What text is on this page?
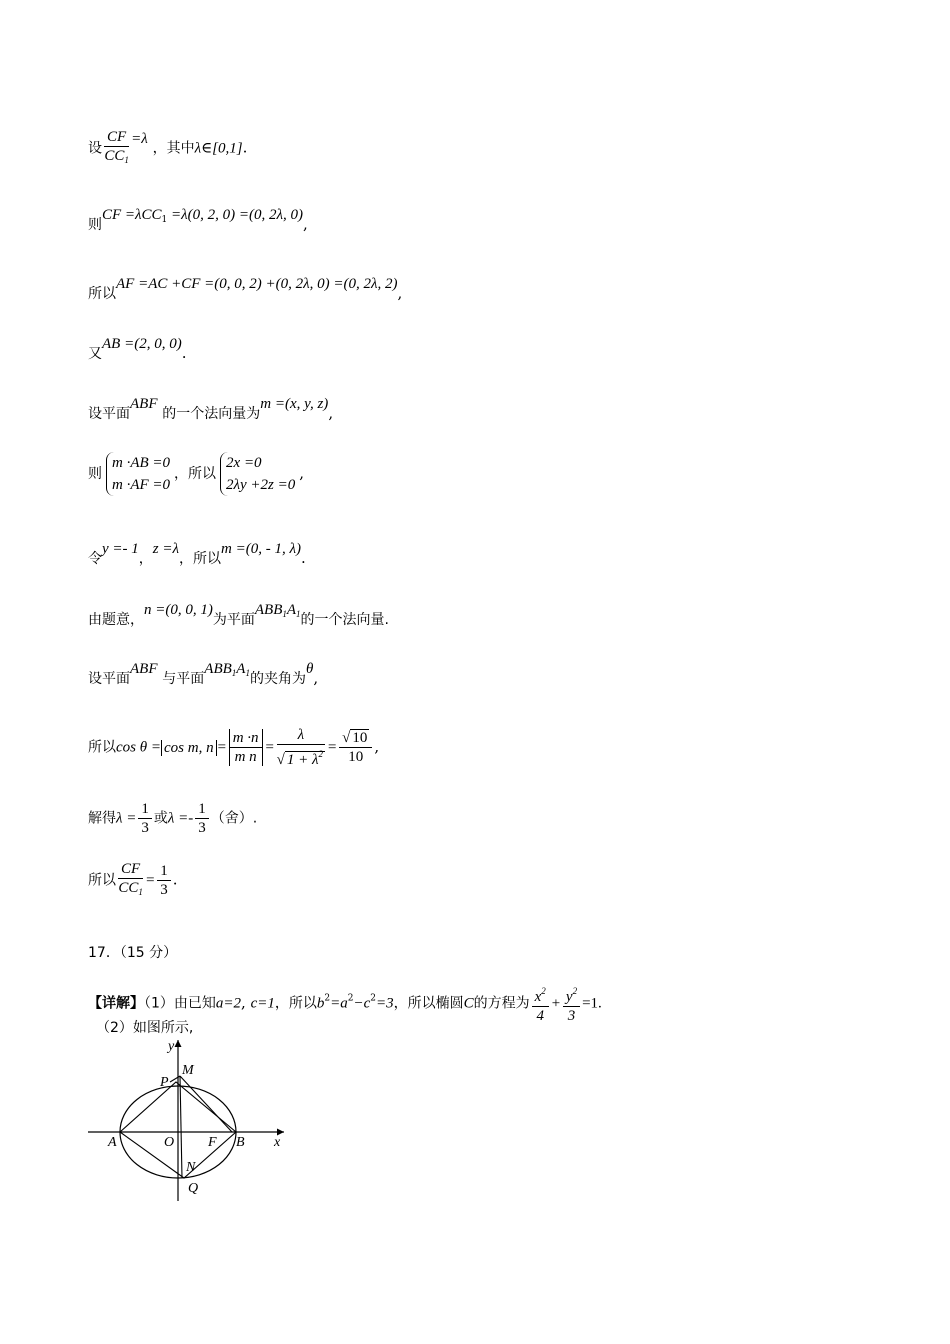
设 $\frac{CF}{CC_1} =\lambda$ ，其中λ∈[0,1].
则CF =λCC$^1$ =λ(0, 2, 0) =(0, 2λ, 0),
所以AF =AC +CF =(0, 0, 2) +(0, 2λ, 0) =(0, 2λ, 2),
又AB =(2, 0, 0).
设平面ABF 的一个法向量为m =(x, y, z),
则
m ·AB =0
m ·AF =0
，所以
2x =0
2λy +2z =0
,
令y =- 1，z =λ，所以m =(0, - 1, λ).
由题意，n =(0, 0, 1)为平面$ABB_1A_1$的一个法向量.
设平面ABF 与平面$ABB_1A_1$的夹角为θ,
所以cos θ = cos m, $n = \frac{m \cdot n}{\text{m n}} = \frac{\lambda}{√ 1 + \lambda^2} = \frac{√ 10}{10}$ ,
解得$\lambda = \frac{1}{3}$ 或$\lambda =- \frac{1}{3}$ （舍）.
所以 $\frac{CF}{CC_1} = \frac{1}{3}$ .
17．（15 分）
【详解】（1）由已知a=2, c=1，所以$b^2=a^2-c^2=3$，所以椭圆C的方程为 $\frac{x^2}{4} + \frac{y^2}{3} =1$.
（2）如图所示,
y
x
M
P
A	O F B
N
Q
